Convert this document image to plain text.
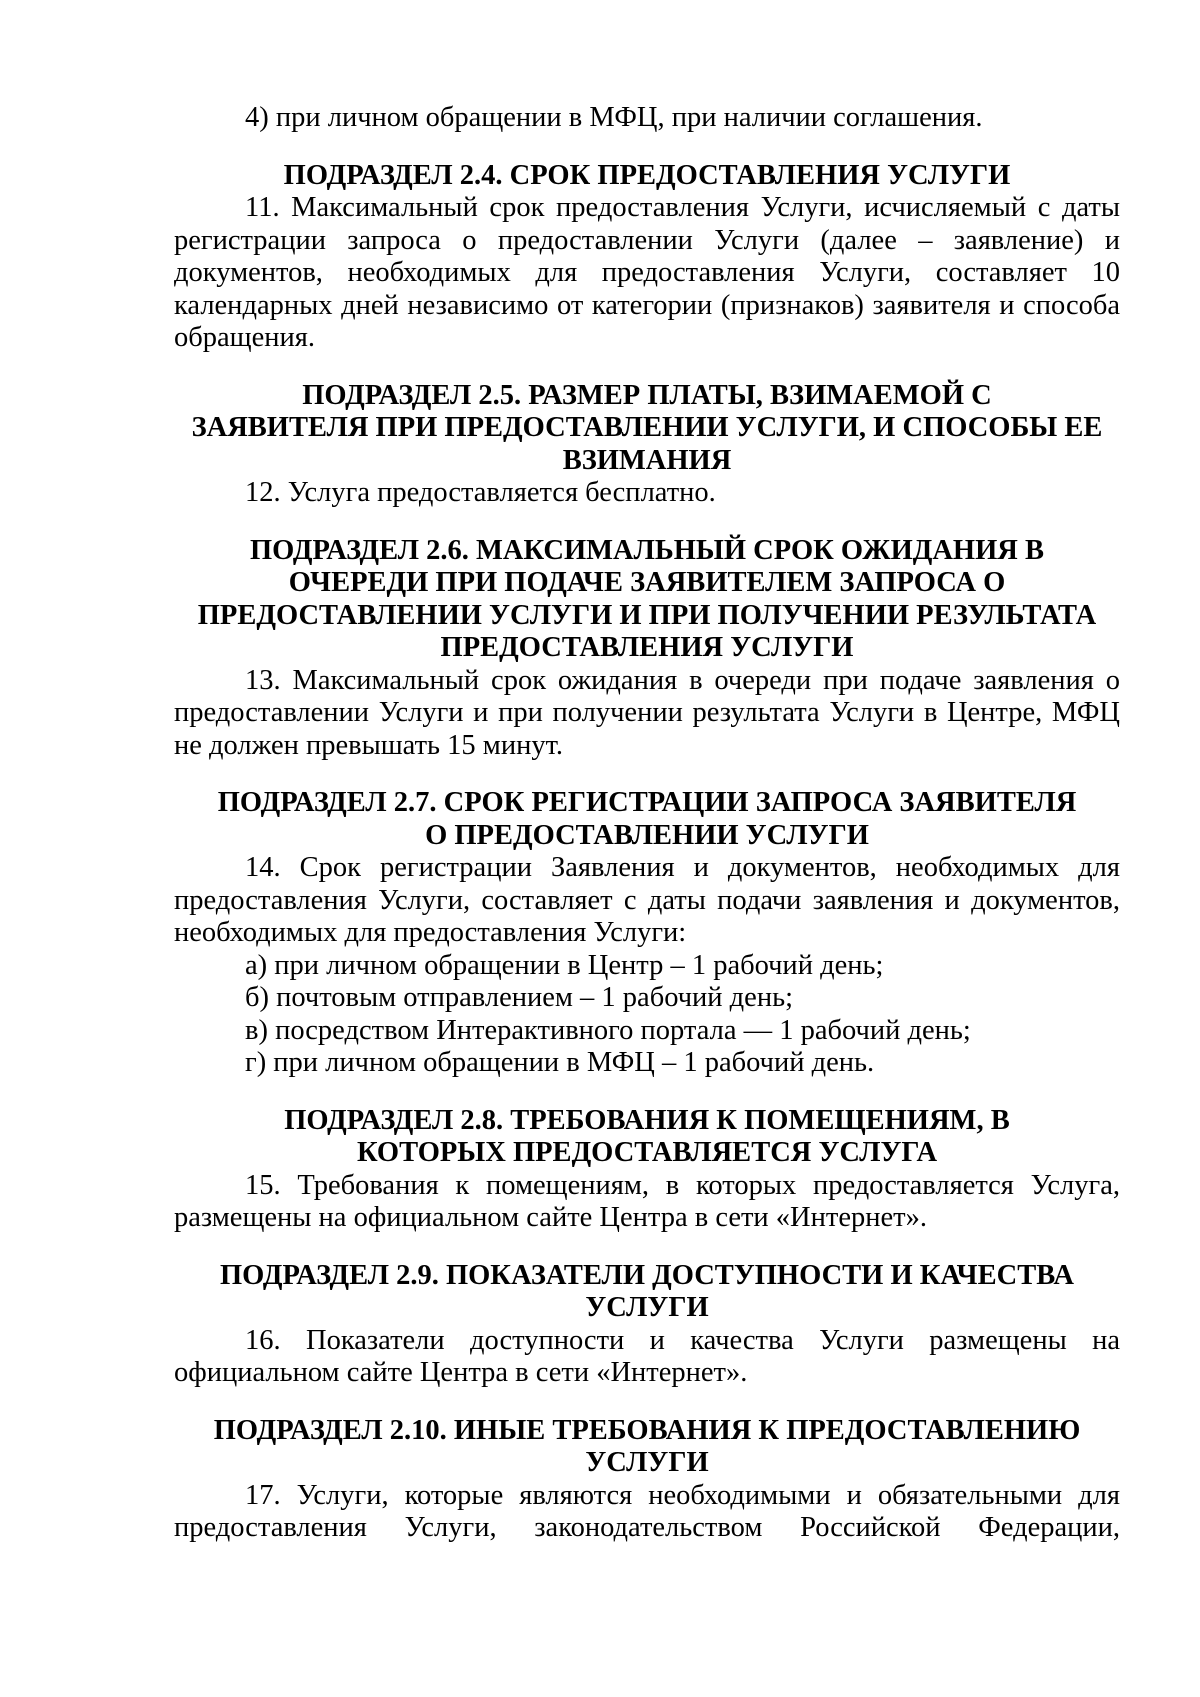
4) при личном обращении в МФЦ, при наличии соглашения.

ПОДРАЗДЕЛ 2.4. СРОК ПРЕДОСТАВЛЕНИЯ УСЛУГИ

11. Максимальный срок предоставления Услуги, исчисляемый с даты

регистрации запроса о предоставлении Услуги (далее – заявление) и

документов, необходимых для предоставления Услуги, составляет 10

календарных дней независимо от категории (признаков) заявителя и способа

обращения.

ПОДРАЗДЕЛ 2.5. РАЗМЕР ПЛАТЫ, ВЗИМАЕМОЙ С

ЗАЯВИТЕЛЯ ПРИ ПРЕДОСТАВЛЕНИИ УСЛУГИ, И СПОСОБЫ ЕЕ

ВЗИМАНИЯ

12. Услуга предоставляется бесплатно.

ПОДРАЗДЕЛ 2.6. МАКСИМАЛЬНЫЙ СРОК ОЖИДАНИЯ В

ОЧЕРЕДИ ПРИ ПОДАЧЕ ЗАЯВИТЕЛЕМ ЗАПРОСА О

ПРЕДОСТАВЛЕНИИ УСЛУГИ И ПРИ ПОЛУЧЕНИИ РЕЗУЛЬТАТА

ПРЕДОСТАВЛЕНИЯ УСЛУГИ

13. Максимальный срок ожидания в очереди при подаче заявления о

предоставлении Услуги и при получении результата Услуги в Центре, МФЦ

не должен превышать 15 минут.

ПОДРАЗДЕЛ 2.7. СРОК РЕГИСТРАЦИИ ЗАПРОСА ЗАЯВИТЕЛЯ

О ПРЕДОСТАВЛЕНИИ УСЛУГИ

14. Срок регистрации Заявления и документов, необходимых для

предоставления Услуги, составляет с даты подачи заявления и документов,

необходимых для предоставления Услуги:

а) при личном обращении в Центр – 1 рабочий день;

б) почтовым отправлением – 1 рабочий день;

в) посредством Интерактивного портала — 1 рабочий день;

г) при личном обращении в МФЦ – 1 рабочий день.

ПОДРАЗДЕЛ 2.8. ТРЕБОВАНИЯ К ПОМЕЩЕНИЯМ, В

КОТОРЫХ ПРЕДОСТАВЛЯЕТСЯ УСЛУГА

15. Требования к помещениям, в которых предоставляется Услуга,

размещены на официальном сайте Центра в сети «Интернет».

ПОДРАЗДЕЛ 2.9. ПОКАЗАТЕЛИ ДОСТУПНОСТИ И КАЧЕСТВА

УСЛУГИ

16. Показатели доступности и качества Услуги размещены на

официальном сайте Центра в сети «Интернет».

ПОДРАЗДЕЛ 2.10. ИНЫЕ ТРЕБОВАНИЯ К ПРЕДОСТАВЛЕНИЮ

УСЛУГИ

17. Услуги, которые являются необходимыми и обязательными для

предоставления Услуги, законодательством Российской Федерации,
